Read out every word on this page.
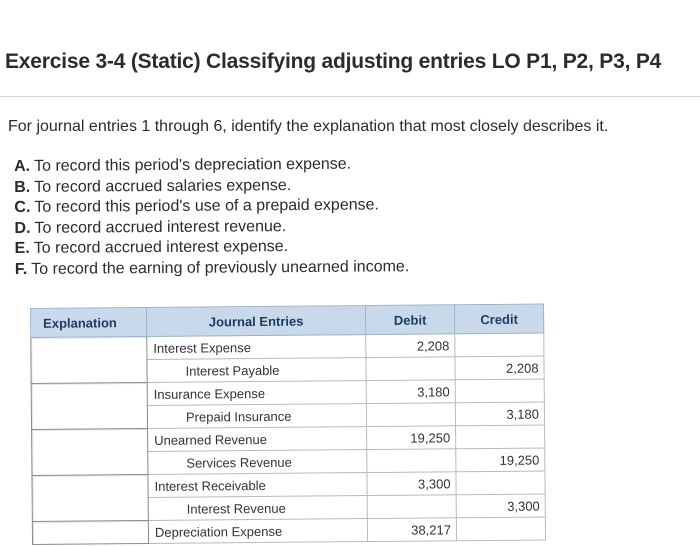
Exercise 3-4 (Static) Classifying adjusting entries LO P1, P2, P3, P4
For journal entries 1 through 6, identify the explanation that most closely describes it.
A. To record this period's depreciation expense.
B. To record accrued salaries expense.
C. To record this period's use of a prepaid expense.
D. To record accrued interest revenue.
E. To record accrued interest expense.
F. To record the earning of previously unearned income.
Explanation	Journal Entries	Debit	Credit
	Interest Expense	2,208	
	Interest Payable		2,208
	Insurance Expense	3,180	
	Prepaid Insurance		3,180
	Unearned Revenue	19,250	
	Services Revenue		19,250
	Interest Receivable	3,300	
	Interest Revenue		3,300
	Depreciation Expense	38,217	
